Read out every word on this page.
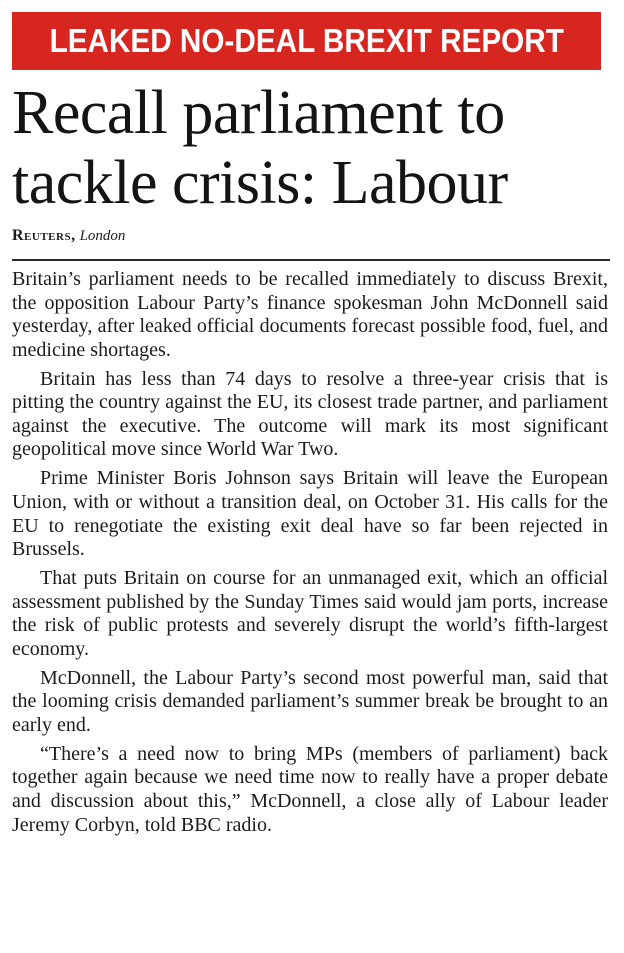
LEAKED NO-DEAL BREXIT REPORT
Recall parliament to tackle crisis: Labour
Reuters, London

Britain’s parliament needs to be recalled immediately to discuss Brexit, the opposition Labour Party’s finance spokesman John McDonnell said yesterday, after leaked official documents forecast possible food, fuel, and medicine shortages.

Britain has less than 74 days to resolve a three-year crisis that is pitting the country against the EU, its closest trade partner, and parliament against the executive. The outcome will mark its most significant geopolitical move since World War Two.

Prime Minister Boris Johnson says Britain will leave the European Union, with or without a transition deal, on October 31. His calls for the EU to renegotiate the existing exit deal have so far been rejected in Brussels.

That puts Britain on course for an unmanaged exit, which an official assessment published by the Sunday Times said would jam ports, increase the risk of public protests and severely disrupt the world’s fifth-largest economy.

McDonnell, the Labour Party’s second most powerful man, said that the looming crisis demanded parliament’s summer break be brought to an early end.

“There’s a need now to bring MPs (members of parliament) back together again because we need time now to really have a proper debate and discussion about this,” McDonnell, a close ally of Labour leader Jeremy Corbyn, told BBC radio.
